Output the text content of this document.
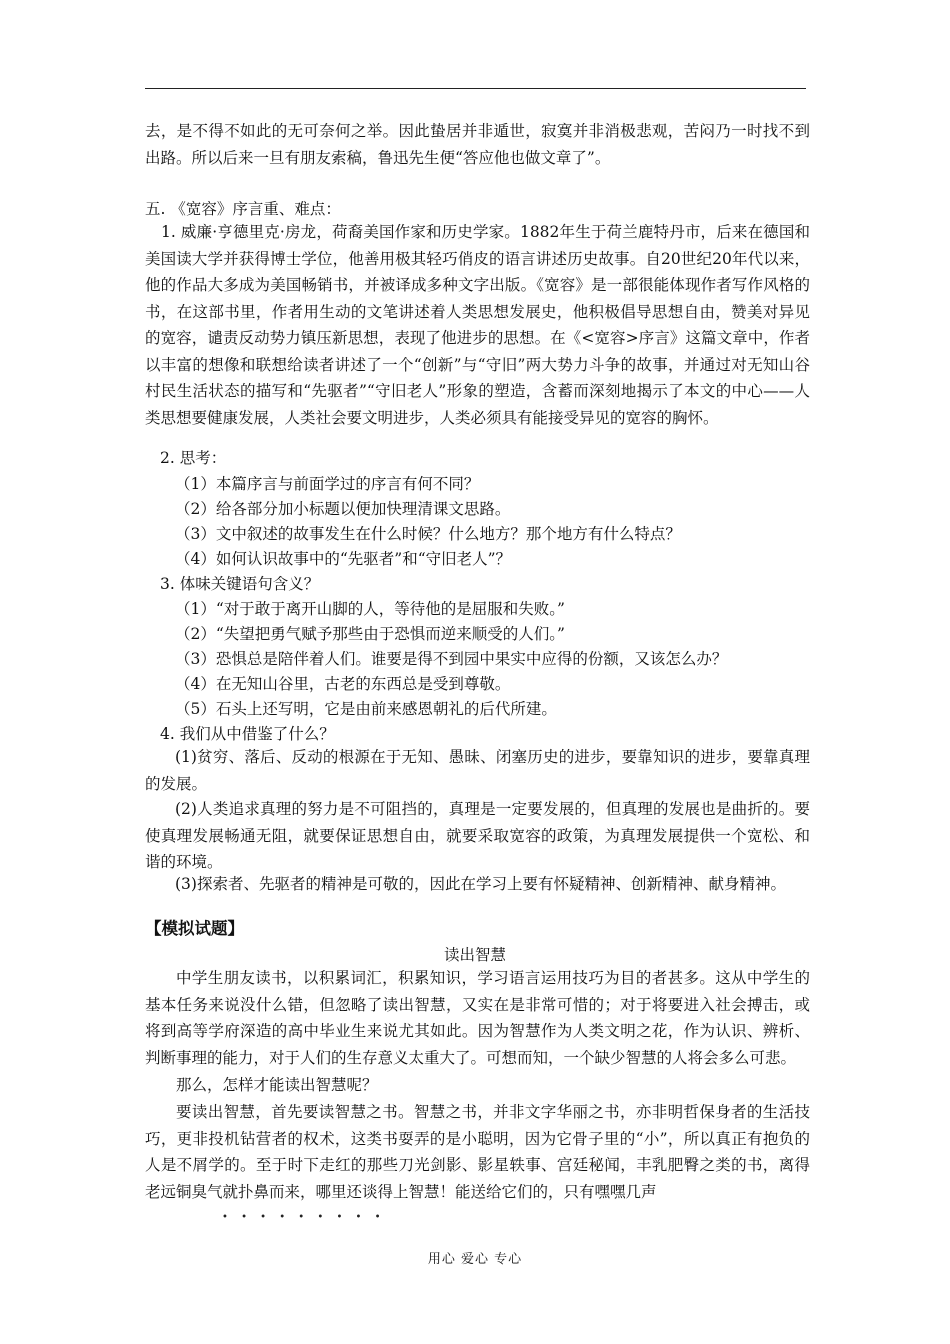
去，是不得不如此的无可奈何之举。因此蛰居并非遁世，寂寞并非消极悲观，苦闷乃一时找不到出路。所以后来一旦有朋友索稿，鲁迅先生便“答应他也做文章了”。
五. 《宽容》序言重、难点：
1. 威廉·亨德里克·房龙，荷裔美国作家和历史学家。1882年生于荷兰鹿特丹市，后来在德国和美国读大学并获得博士学位，他善用极其轻巧俏皮的语言讲述历史故事。自20世纪20年代以来，他的作品大多成为美国畅销书，并被译成多种文字出版。《宽容》是一部很能体现作者写作风格的书，在这部书里，作者用生动的文笔讲述着人类思想发展史，他积极倡导思想自由，赞美对异见的宽容，谴责反动势力镇压新思想，表现了他进步的思想。在《<宽容>序言》这篇文章中，作者以丰富的想像和联想给读者讲述了一个“创新”与“守旧”两大势力斗争的故事，并通过对无知山谷村民生活状态的描写和“先驱者”“守旧老人”形象的塑造，含蓄而深刻地揭示了本文的中心——人类思想要健康发展，人类社会要文明进步，人类必须具有能接受异见的宽容的胸怀。
2. 思考：
（1）本篇序言与前面学过的序言有何不同？
（2）给各部分加小标题以便加快理清课文思路。
（3）文中叙述的故事发生在什么时候？什么地方？那个地方有什么特点？
（4）如何认识故事中的“先驱者”和“守旧老人”？
3. 体味关键语句含义？
（1）“对于敢于离开山脚的人，等待他的是屈服和失败。”
（2）“失望把勇气赋予那些由于恐惧而逆来顺受的人们。”
（3）恐惧总是陪伴着人们。谁要是得不到园中果实中应得的份额，又该怎么办？
（4）在无知山谷里，古老的东西总是受到尊敬。
（5）石头上还写明，它是由前来感恩朝礼的后代所建。
4. 我们从中借鉴了什么？
(1)贫穷、落后、反动的根源在于无知、愚昧、闭塞历史的进步，要靠知识的进步，要靠真理的发展。
(2)人类追求真理的努力是不可阻挡的，真理是一定要发展的，但真理的发展也是曲折的。要使真理发展畅通无阻，就要保证思想自由，就要采取宽容的政策，为真理发展提供一个宽松、和谐的环境。
(3)探索者、先驱者的精神是可敬的，因此在学习上要有怀疑精神、创新精神、献身精神。
【模拟试题】
读出智慧
中学生朋友读书，以积累词汇，积累知识，学习语言运用技巧为目的者甚多。这从中学生的基本任务来说没什么错，但忽略了读出智慧，又实在是非常可惜的；对于将要进入社会搏击，或将到高等学府深造的高中毕业生来说尤其如此。因为智慧作为人类文明之花，作为认识、辨析、判断事理的能力，对于人们的生存意义太重大了。可想而知，一个缺少智慧的人将会多么可悲。
那么，怎样才能读出智慧呢？
要读出智慧，首先要读智慧之书。智慧之书，并非文字华丽之书，亦非明哲保身者的生活技巧，更非投机钻营者的权术，这类书耍弄的是小聪明，因为它骨子里的“小”，所以真正有抱负的人是不屑学的。至于时下走红的那些刀光剑影、影星轶事、宫廷秘闻，丰乳肥臀之类的书，离得老远铜臭气就扑鼻而来，哪里还谈得上智慧！能送给它们的，只有嘿嘿几声
• • • • • • • • •
用心 爱心 专心
